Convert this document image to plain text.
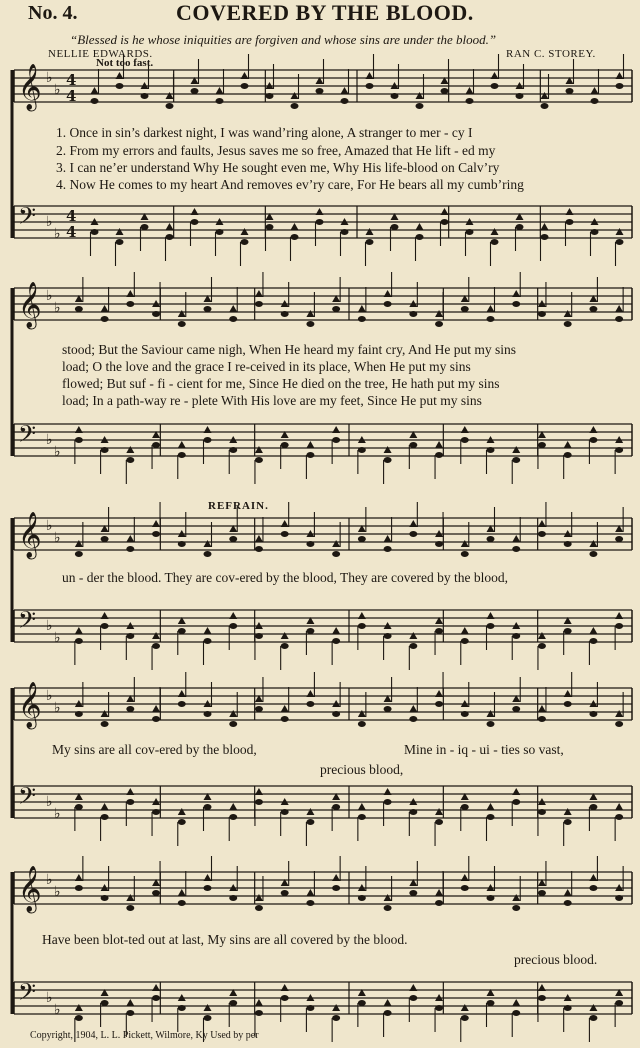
𝄞 ♭
♭
𝄢 ♭
♭
4
4
4
4
𝄞 ♭
♭
𝄢 ♭
♭
𝄞 ♭
♭
𝄢 ♭
♭
𝄞 ♭
♭
𝄢 ♭
♭
𝄞 ♭
♭
𝄢 ♭
♭
No. 4.	COVERED BY THE BLOOD.
“Blessed is he whose iniquities are forgiven and whose sins are under the blood.”
NELLIE EDWARDS.	RAN C. STOREY.
Not too fast.
1. Once in sin’s darkest night, I was wand’ring alone, A stranger to mer - cy I
2. From my errors and faults, Jesus saves me so free, Amazed that He lift - ed my
3. I can ne’er understand Why He sought even me, Why His life-blood on Calv’ry
4. Now He comes to my heart And removes ev’ry care, For He bears all my cumb’ring
stood; But the Saviour came nigh, When He heard my faint cry, And He put my sins
load; O the love and the grace I re-ceived in its place, When He put my sins
flowed; But suf - fi - cient for me, Since He died on the tree, He hath put my sins
load; In a path-way re - plete With His love are my feet, Since He put my sins
REFRAIN.
un - der the blood. They are cov-ered by the blood, They are covered by the blood,
My sins are all cov-ered by the blood,	Mine in - iq - ui - ties so vast,
precious blood,
Have been blot-ted out at last, My sins are all covered by the blood.
precious blood.
Copyright, 1904, L. L. Pickett, Wilmore, Ky Used by per
